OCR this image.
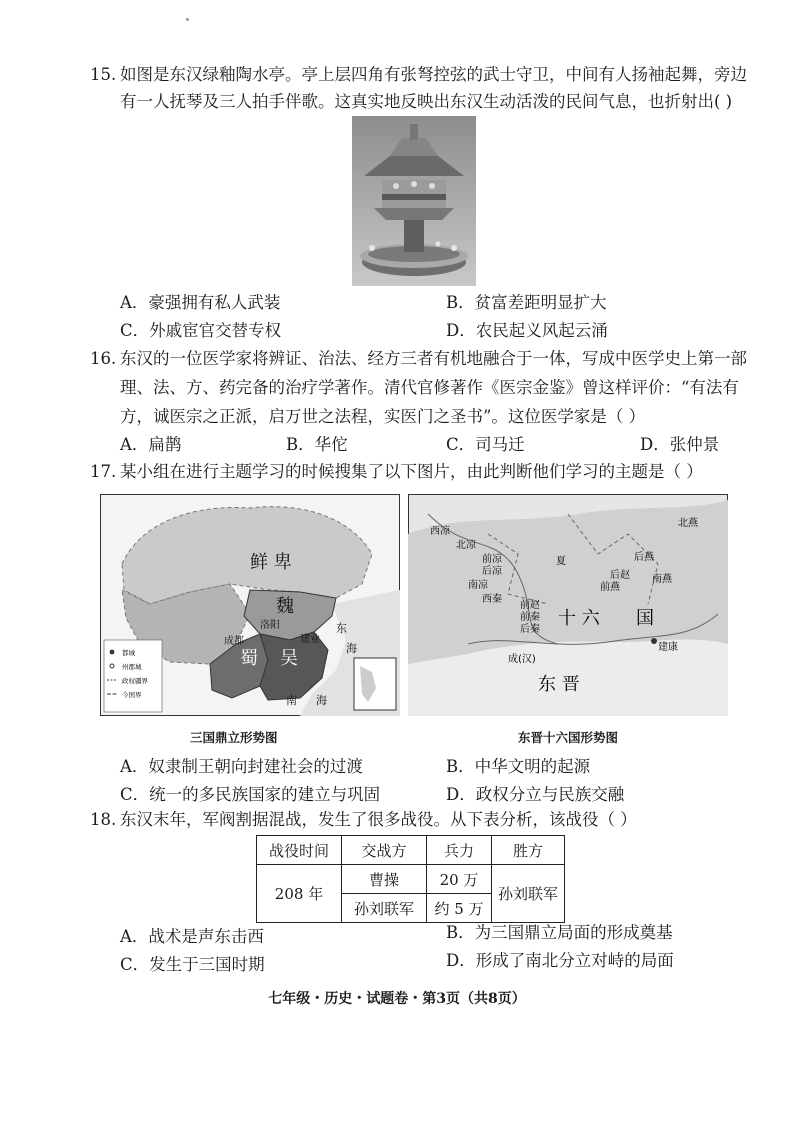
15. 如图是东汉绿釉陶水亭。亭上层四角有张弩控弦的武士守卫，中间有人扬袖起舞，旁边
有一人抚琴及三人拍手伴歌。这真实地反映出东汉生动活泼的民间气息，也折射出( )
A．豪强拥有私人武装	B．贫富差距明显扩大
C．外戚宦官交替专权	D．农民起义风起云涌
16. 东汉的一位医学家将辨证、治法、经方三者有机地融合于一体，写成中医学史上第一部
理、法、方、药完备的治疗学著作。清代官修著作《医宗金鉴》曾这样评价：“有法有
方，诚医宗之正派，启万世之法程，实医门之圣书”。这位医学家是（ ）
A．扁鹊	B．华佗	C．司马迁	D．张仲景
17. 某小组在进行主题学习的时候搜集了以下图片，由此判断他们学习的主题是（ ）
都城
州郡城
政权疆界
今国界
鲜 卑
魏
蜀 吴
成都
洛阳
建业
东
海
南 海
三国鼎立形势图
西凉
北凉
前凉
后凉
南凉
西秦
夏	后燕
北燕
南燕
前燕
后赵
前赵
前秦
后秦
十 六 国
成(汉)
建康
东 晋
东晋十六国形势图
A．奴隶制王朝向封建社会的过渡	B．中华文明的起源
C．统一的多民族国家的建立与巩固	D．政权分立与民族交融
18. 东汉末年，军阀割据混战，发生了很多战役。从下表分析，该战役（ ）
战役时间	交战方	兵力	胜方
208 年	曹操	20 万	孙刘联军
	孙刘联军	约 5 万	
A．战术是声东击西	B．为三国鼎立局面的形成奠基
C．发生于三国时期	D．形成了南北分立对峙的局面
七年级・历史・试题卷・第3页（共8页）
